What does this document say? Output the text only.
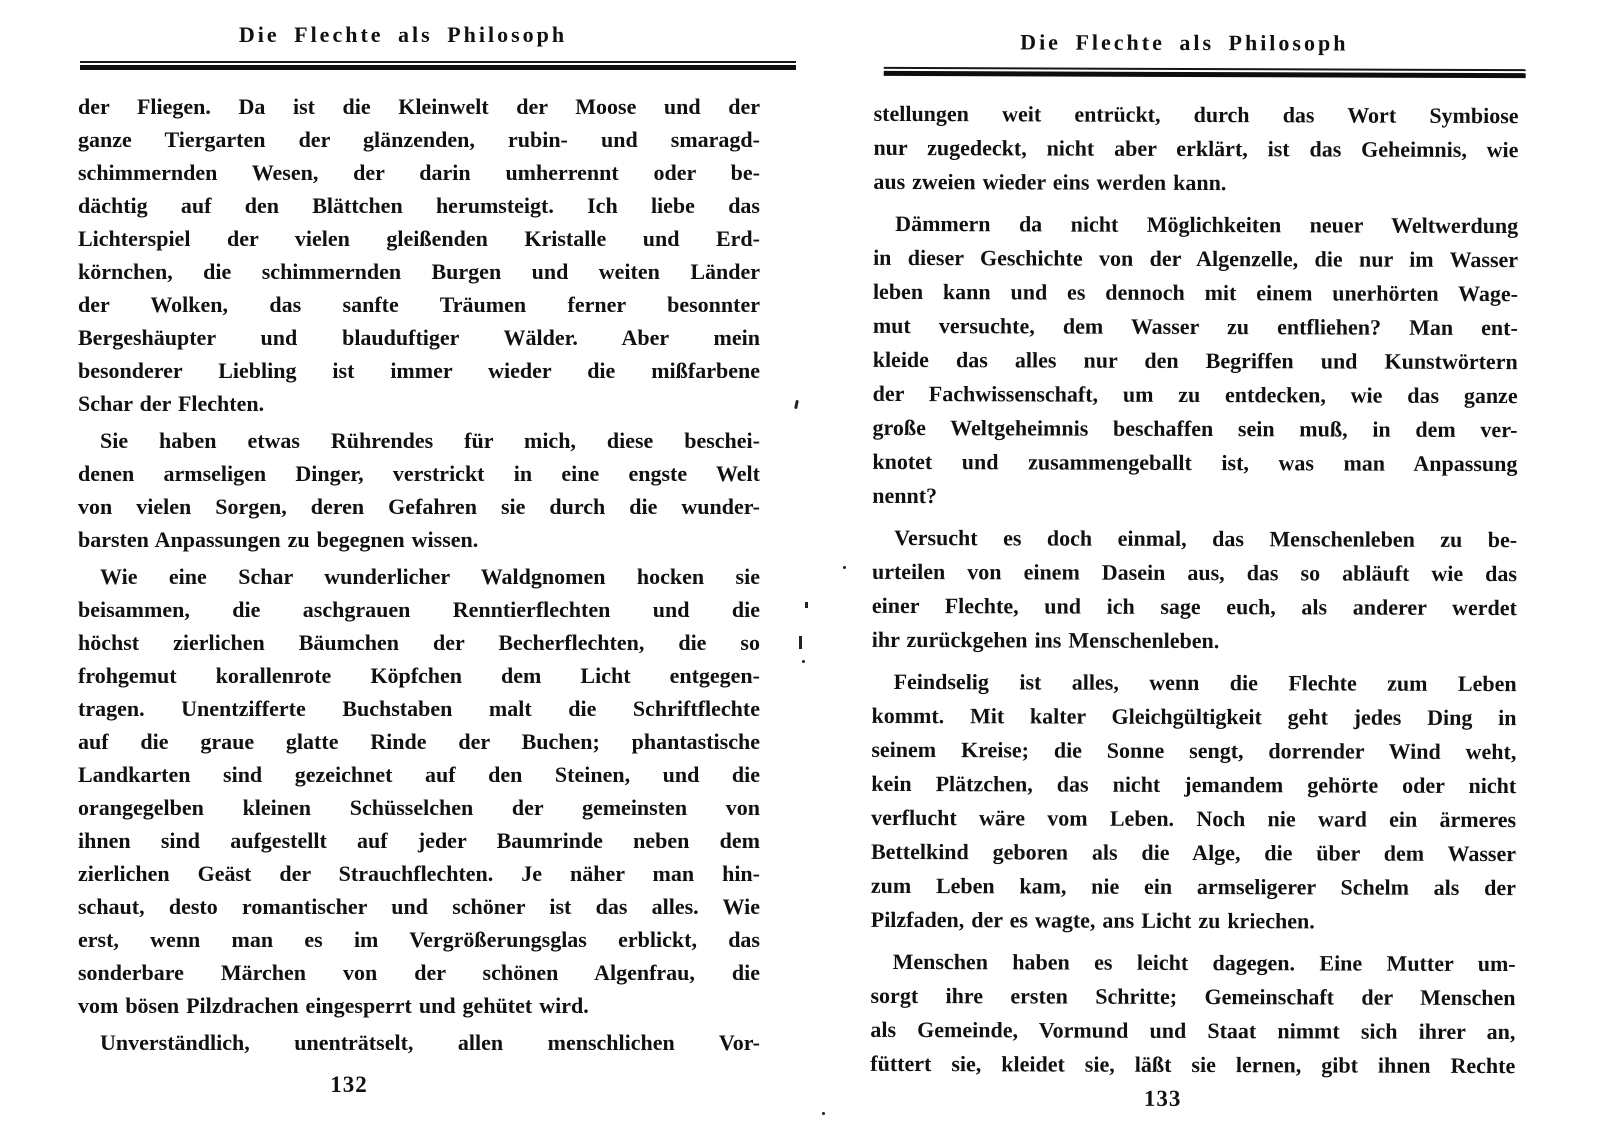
Die Flechte als Philosoph
der Fliegen. Da ist die Kleinwelt der Moose und der
ganze Tiergarten der glänzenden, rubin- und smaragd-
schimmernden Wesen, der darin umherrennt oder be-
dächtig auf den Blättchen herumsteigt. Ich liebe das
Lichterspiel der vielen gleißenden Kristalle und Erd-
körnchen, die schimmernden Burgen und weiten Länder
der Wolken, das sanfte Träumen ferner besonnter
Bergeshäupter und blauduftiger Wälder. Aber mein
besonderer Liebling ist immer wieder die mißfarbene
Schar der Flechten.
Sie haben etwas Rührendes für mich, diese beschei-
denen armseligen Dinger, verstrickt in eine engste Welt
von vielen Sorgen, deren Gefahren sie durch die wunder-
barsten Anpassungen zu begegnen wissen.
Wie eine Schar wunderlicher Waldgnomen hocken sie
beisammen, die aschgrauen Renntierflechten und die
höchst zierlichen Bäumchen der Becherflechten, die so
frohgemut korallenrote Köpfchen dem Licht entgegen-
tragen. Unentzifferte Buchstaben malt die Schriftflechte
auf die graue glatte Rinde der Buchen; phantastische
Landkarten sind gezeichnet auf den Steinen, und die
orangegelben kleinen Schüsselchen der gemeinsten von
ihnen sind aufgestellt auf jeder Baumrinde neben dem
zierlichen Geäst der Strauchflechten. Je näher man hin-
schaut, desto romantischer und schöner ist das alles. Wie
erst, wenn man es im Vergrößerungsglas erblickt, das
sonderbare Märchen von der schönen Algenfrau, die
vom bösen Pilzdrachen eingesperrt und gehütet wird.
Unverständlich, unenträtselt, allen menschlichen Vor-
132
Die Flechte als Philosoph
stellungen weit entrückt, durch das Wort Symbiose
nur zugedeckt, nicht aber erklärt, ist das Geheimnis, wie
aus zweien wieder eins werden kann.
Dämmern da nicht Möglichkeiten neuer Weltwerdung
in dieser Geschichte von der Algenzelle, die nur im Wasser
leben kann und es dennoch mit einem unerhörten Wage-
mut versuchte, dem Wasser zu entfliehen? Man ent-
kleide das alles nur den Begriffen und Kunstwörtern
der Fachwissenschaft, um zu entdecken, wie das ganze
große Weltgeheimnis beschaffen sein muß, in dem ver-
knotet und zusammengeballt ist, was man Anpassung
nennt?
Versucht es doch einmal, das Menschenleben zu be-
urteilen von einem Dasein aus, das so abläuft wie das
einer Flechte, und ich sage euch, als anderer werdet
ihr zurückgehen ins Menschenleben.
Feindselig ist alles, wenn die Flechte zum Leben
kommt. Mit kalter Gleichgültigkeit geht jedes Ding in
seinem Kreise; die Sonne sengt, dorrender Wind weht,
kein Plätzchen, das nicht jemandem gehörte oder nicht
verflucht wäre vom Leben. Noch nie ward ein ärmeres
Bettelkind geboren als die Alge, die über dem Wasser
zum Leben kam, nie ein armseligerer Schelm als der
Pilzfaden, der es wagte, ans Licht zu kriechen.
Menschen haben es leicht dagegen. Eine Mutter um-
sorgt ihre ersten Schritte; Gemeinschaft der Menschen
als Gemeinde, Vormund und Staat nimmt sich ihrer an,
füttert sie, kleidet sie, läßt sie lernen, gibt ihnen Rechte
133
